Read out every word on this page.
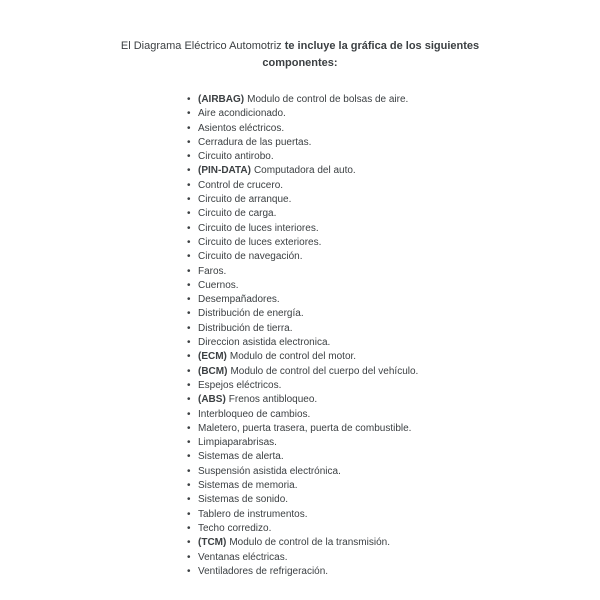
El Diagrama Eléctrico Automotriz te incluye la gráfica de los siguientes componentes:
• (AIRBAG) Modulo de control de bolsas de aire.
• Aire acondicionado.
• Asientos eléctricos.
• Cerradura de las puertas.
• Circuito antirobo.
• (PIN-DATA) Computadora del auto.
• Control de crucero.
• Circuito de arranque.
• Circuito de carga.
• Circuito de luces interiores.
• Circuito de luces exteriores.
• Circuito de navegación.
• Faros.
• Cuernos.
• Desempañadores.
• Distribución de energía.
• Distribución de tierra.
• Direccion asistida electronica.
• (ECM) Modulo de control del motor.
• (BCM) Modulo de control del cuerpo del vehículo.
• Espejos eléctricos.
• (ABS) Frenos antibloqueo.
• Interbloqueo de cambios.
• Maletero, puerta trasera, puerta de combustible.
• Limpiaparabrisas.
• Sistemas de alerta.
• Suspensión asistida electrónica.
• Sistemas de memoria.
• Sistemas de sonido.
• Tablero de instrumentos.
• Techo corredizo.
• (TCM) Modulo de control de la transmisión.
• Ventanas eléctricas.
• Ventiladores de refrigeración.
